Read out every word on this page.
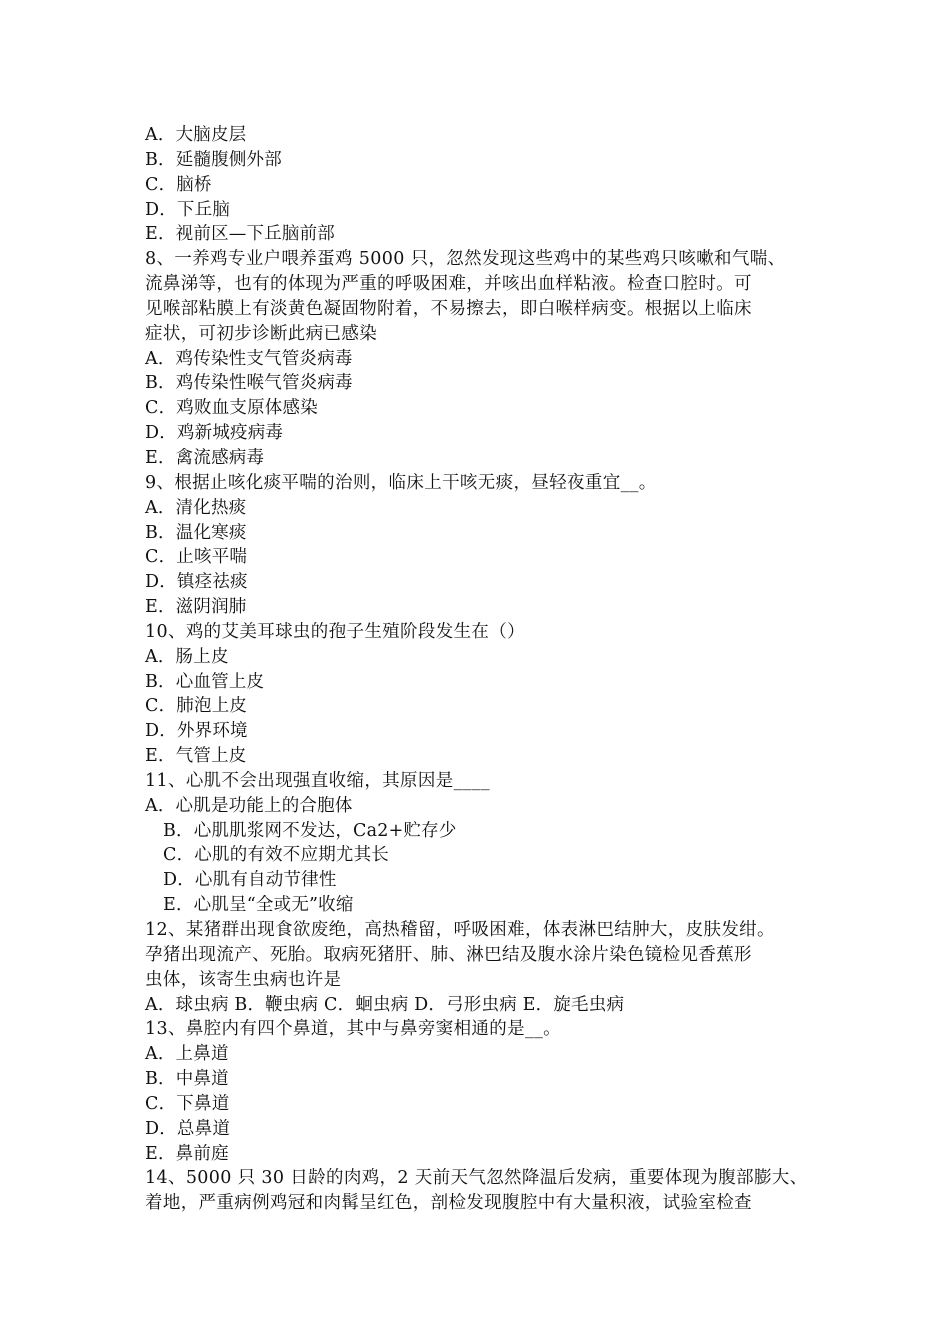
A．大脑皮层
B．延髓腹侧外部
C．脑桥
D．下丘脑
E．视前区—下丘脑前部
8、一养鸡专业户喂养蛋鸡 5000 只，忽然发现这些鸡中的某些鸡只咳嗽和气喘、
流鼻涕等，也有的体现为严重的呼吸困难，并咳出血样粘液。检查口腔时。可
见喉部粘膜上有淡黄色凝固物附着，不易擦去，即白喉样病变。根据以上临床
症状，可初步诊断此病已感染
A．鸡传染性支气管炎病毒
B．鸡传染性喉气管炎病毒
C．鸡败血支原体感染
D．鸡新城疫病毒
E．禽流感病毒
9、根据止咳化痰平喘的治则，临床上干咳无痰，昼轻夜重宜__。
A．清化热痰
B．温化寒痰
C．止咳平喘
D．镇痉祛痰
E．滋阴润肺
10、鸡的艾美耳球虫的孢子生殖阶段发生在（）
A．肠上皮
B．心血管上皮
C．肺泡上皮
D．外界环境
E．气管上皮
11、心肌不会出现强直收缩，其原因是____
A．心肌是功能上的合胞体
B．心肌肌浆网不发达，Ca2+贮存少
C．心肌的有效不应期尤其长
D．心肌有自动节律性
E．心肌呈“全或无”收缩
12、某猪群出现食欲废绝，高热稽留，呼吸困难，体表淋巴结肿大，皮肤发绀。
孕猪出现流产、死胎。取病死猪肝、肺、淋巴结及腹水涂片染色镜检见香蕉形
虫体，该寄生虫病也许是
A．球虫病 B．鞭虫病 C．蛔虫病 D．弓形虫病 E．旋毛虫病
13、鼻腔内有四个鼻道，其中与鼻旁窦相通的是__。
A．上鼻道
B．中鼻道
C．下鼻道
D．总鼻道
E．鼻前庭
14、5000 只 30 日龄的肉鸡，2 天前天气忽然降温后发病，重要体现为腹部膨大、
着地，严重病例鸡冠和肉髯呈红色，剖检发现腹腔中有大量积液，试验室检查
